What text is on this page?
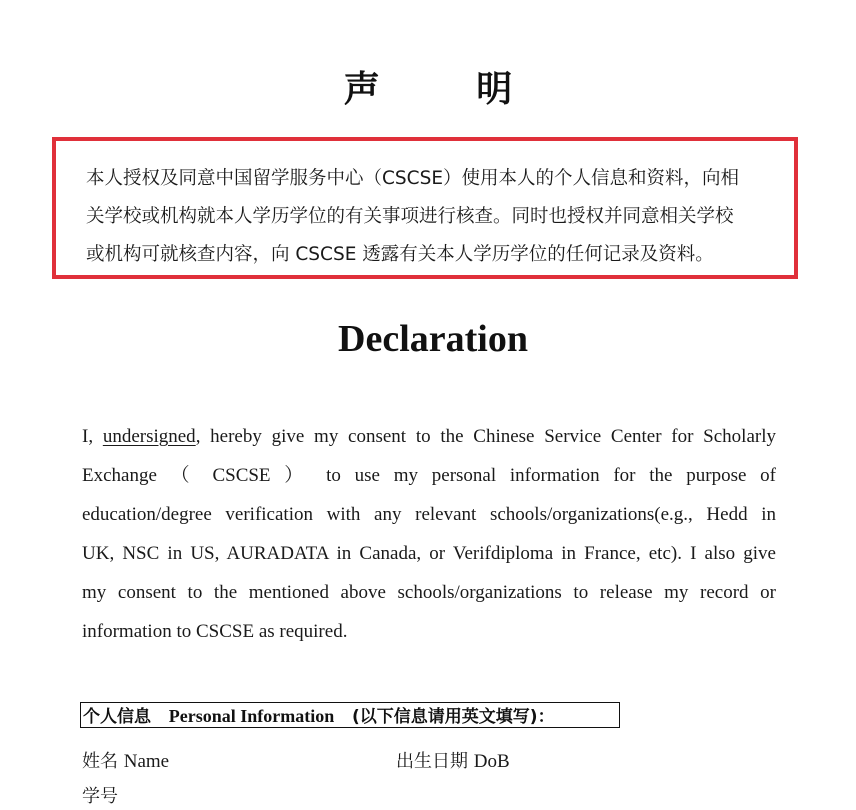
声 明
本人授权及同意中国留学服务中心（CSCSE）使用本人的个人信息和资料，向相
关学校或机构就本人学历学位的有关事项进行核查。同时也授权并同意相关学校
或机构可就核查内容，向 CSCSE 透露有关本人学历学位的任何记录及资料。
Declaration
I, undersigned, hereby give my consent to the Chinese Service Center for Scholarly
Exchange （ CSCSE ） to use my personal information for the purpose of
education/degree verification with any relevant schools/organizations(e.g., Hedd in
UK, NSC in US, AURADATA in Canada, or Verifdiploma in France, etc). I also give
my consent to the mentioned above schools/organizations to release my record or
information to CSCSE as required.
个人信息 Personal Information (以下信息请用英文填写)：
姓名 Name	出生日期 DoB
学号
